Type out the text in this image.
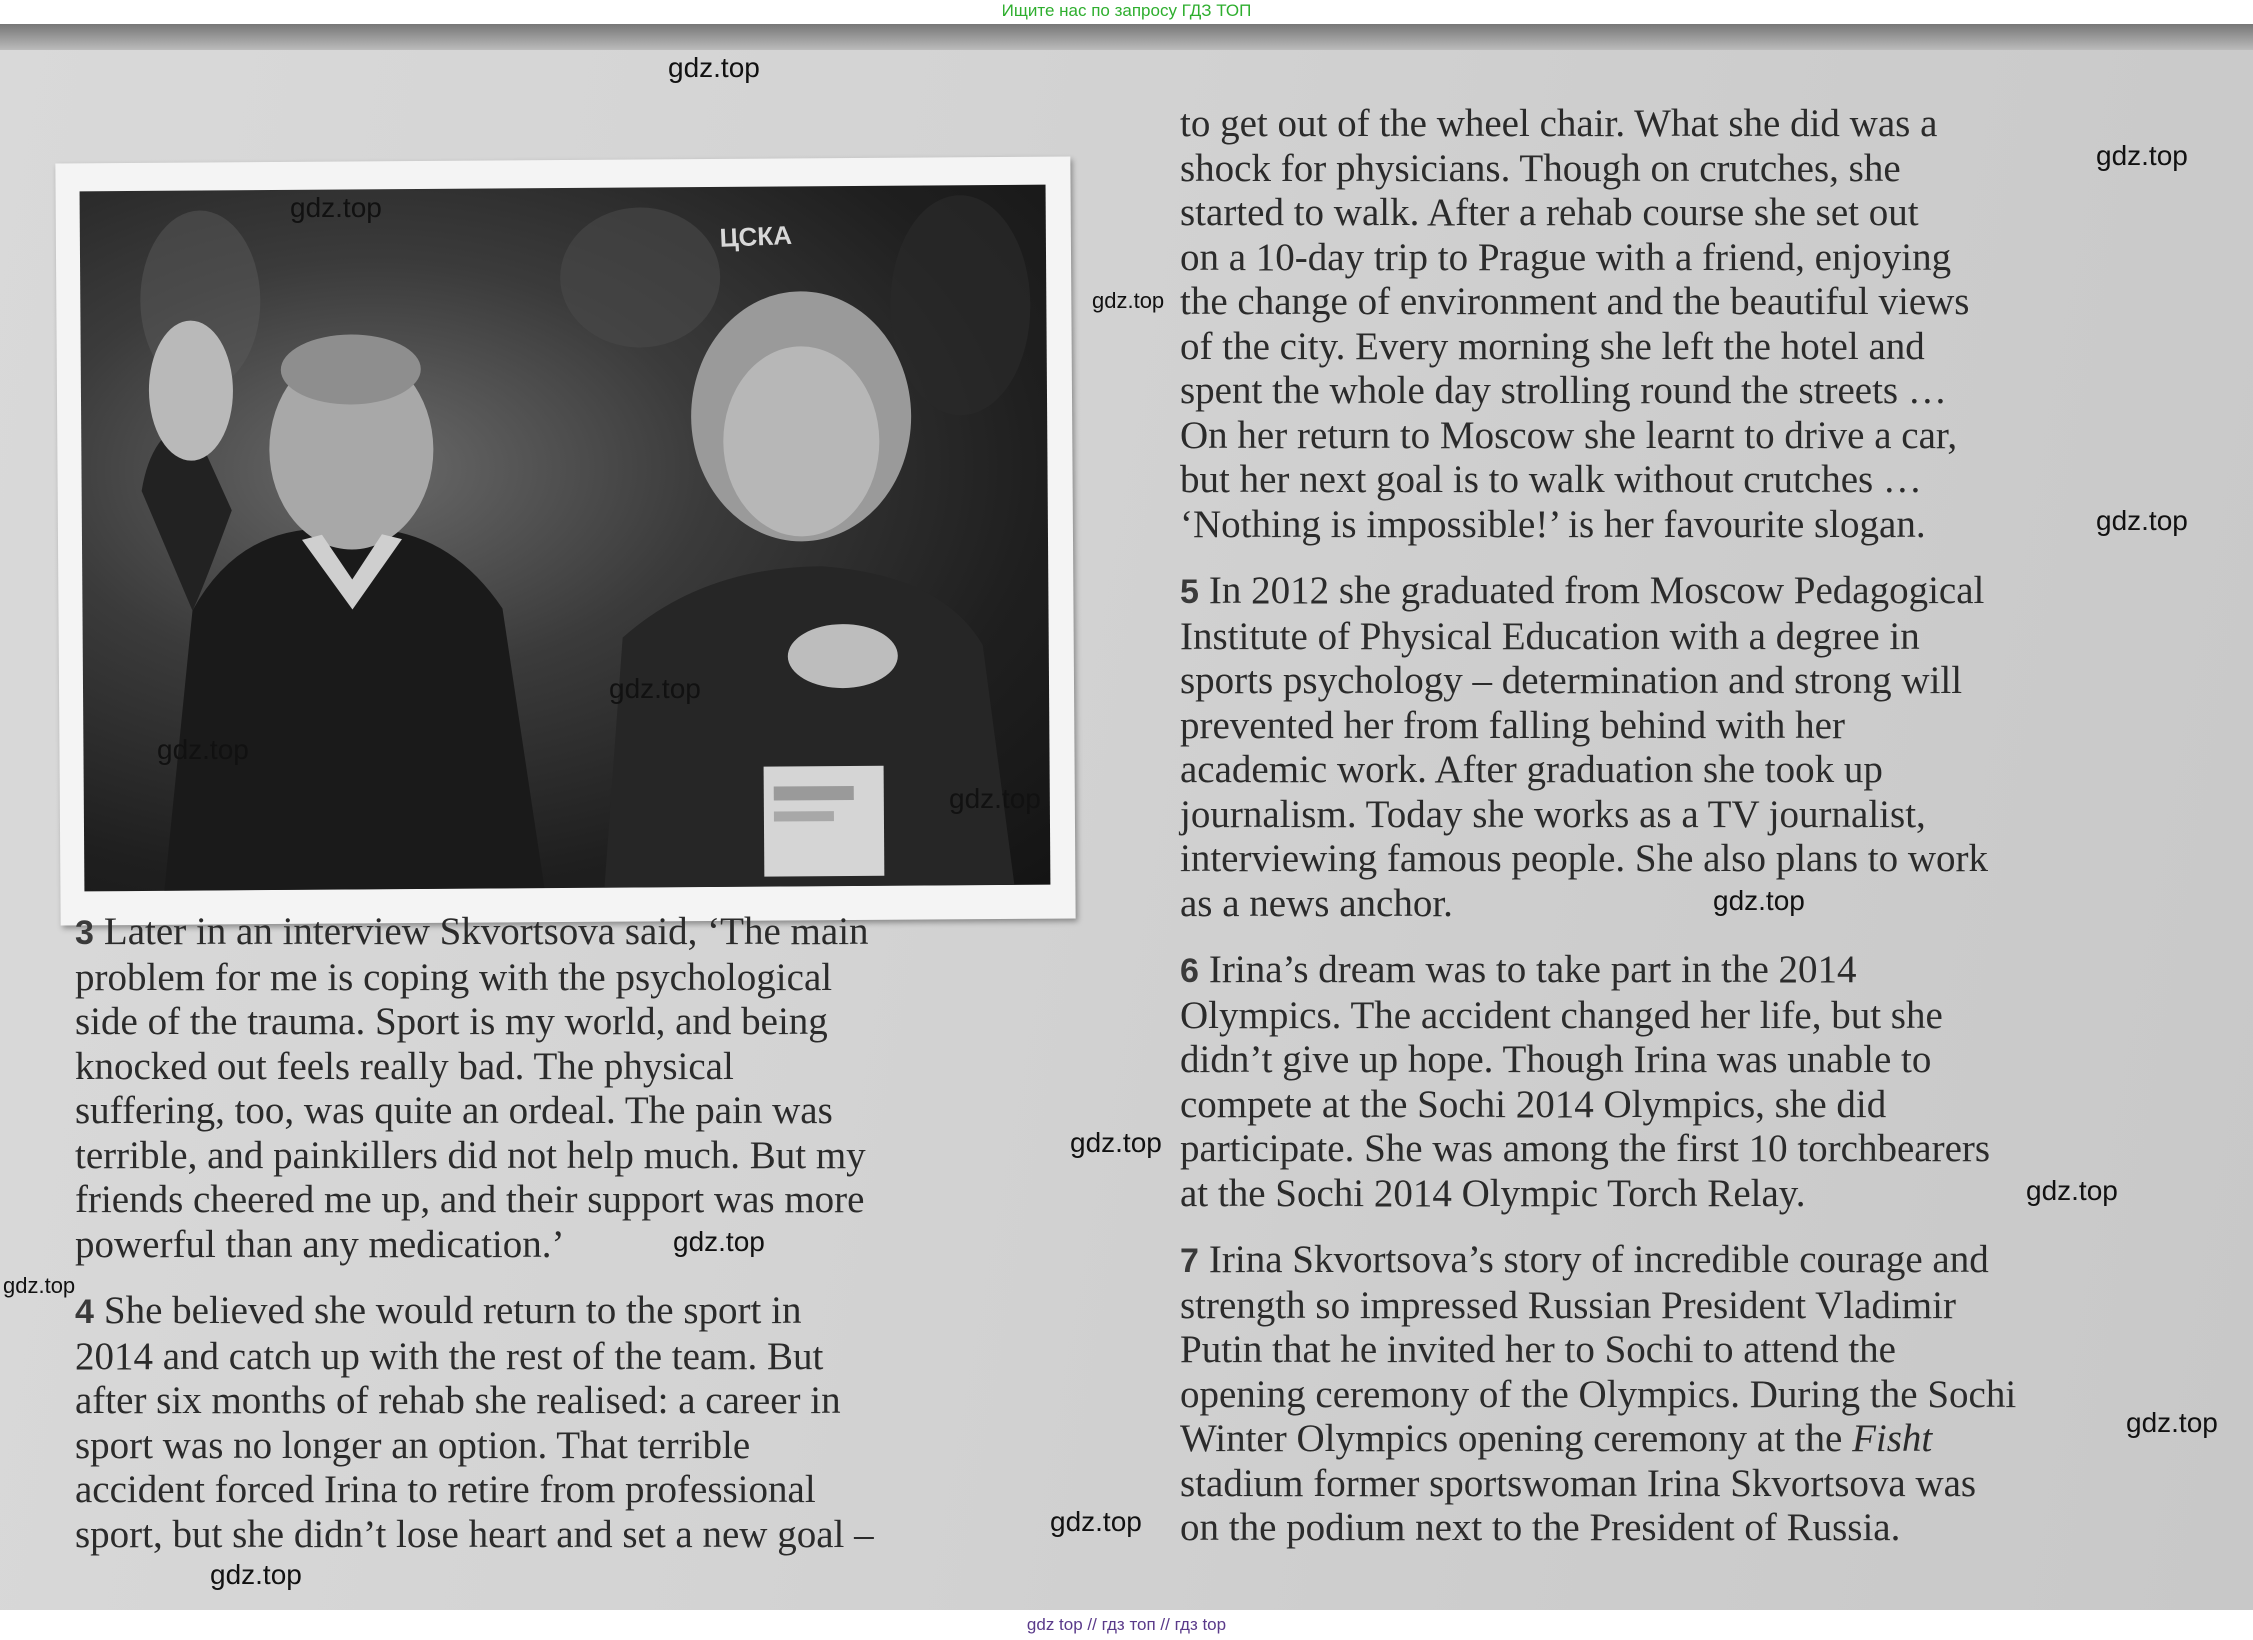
Ищите нас по запросу ГДЗ ТОП
ЦСКА

to get out of the wheel chair. What she did was a
shock for physicians. Though on crutches, she
started to walk. After a rehab course she set out
on a 10-day trip to Prague with a friend, enjoying
the change of environment and the beautiful views
of the city. Every morning she left the hotel and
spent the whole day strolling round the streets …
On her return to Moscow she learnt to drive a car,
but her next goal is to walk without crutches …
‘Nothing is impossible!’ is her favourite slogan.

5 In 2012 she graduated from Moscow Pedagogical
Institute of Physical Education with a degree in
sports psychology – determination and strong will
prevented her from falling behind with her
academic work. After graduation she took up
journalism. Today she works as a TV journalist,
interviewing famous people. She also plans to work
as a news anchor.

6 Irina’s dream was to take part in the 2014
Olympics. The accident changed her life, but she
didn’t give up hope. Though Irina was unable to
compete at the Sochi 2014 Olympics, she did
participate. She was among the first 10 torchbearers
at the Sochi 2014 Olympic Torch Relay.

7 Irina Skvortsova’s story of incredible courage and
strength so impressed Russian President Vladimir
Putin that he invited her to Sochi to attend the
opening ceremony of the Olympics. During the Sochi
Winter Olympics opening ceremony at the Fisht
stadium former sportswoman Irina Skvortsova was
on the podium next to the President of Russia.

3 Later in an interview Skvortsova said, ‘The main
problem for me is coping with the psychological
side of the trauma. Sport is my world, and being
knocked out feels really bad. The physical
suffering, too, was quite an ordeal. The pain was
terrible, and painkillers did not help much. But my
friends cheered me up, and their support was more
powerful than any medication.’

4 She believed she would return to the sport in
2014 and catch up with the rest of the team. But
after six months of rehab she realised: a career in
sport was no longer an option. That terrible
accident forced Irina to retire from professional
sport, but she didn’t lose heart and set a new goal –

gdz.top
gdz.top
gdz.top
gdz.top
gdz.top
gdz.top
gdz.top
gdz.top
gdz.top
gdz.top
gdz.top
gdz.top
gdz.top
gdz.top
gdz.top
gdz.top
gdz top // гдз топ // гдз top
